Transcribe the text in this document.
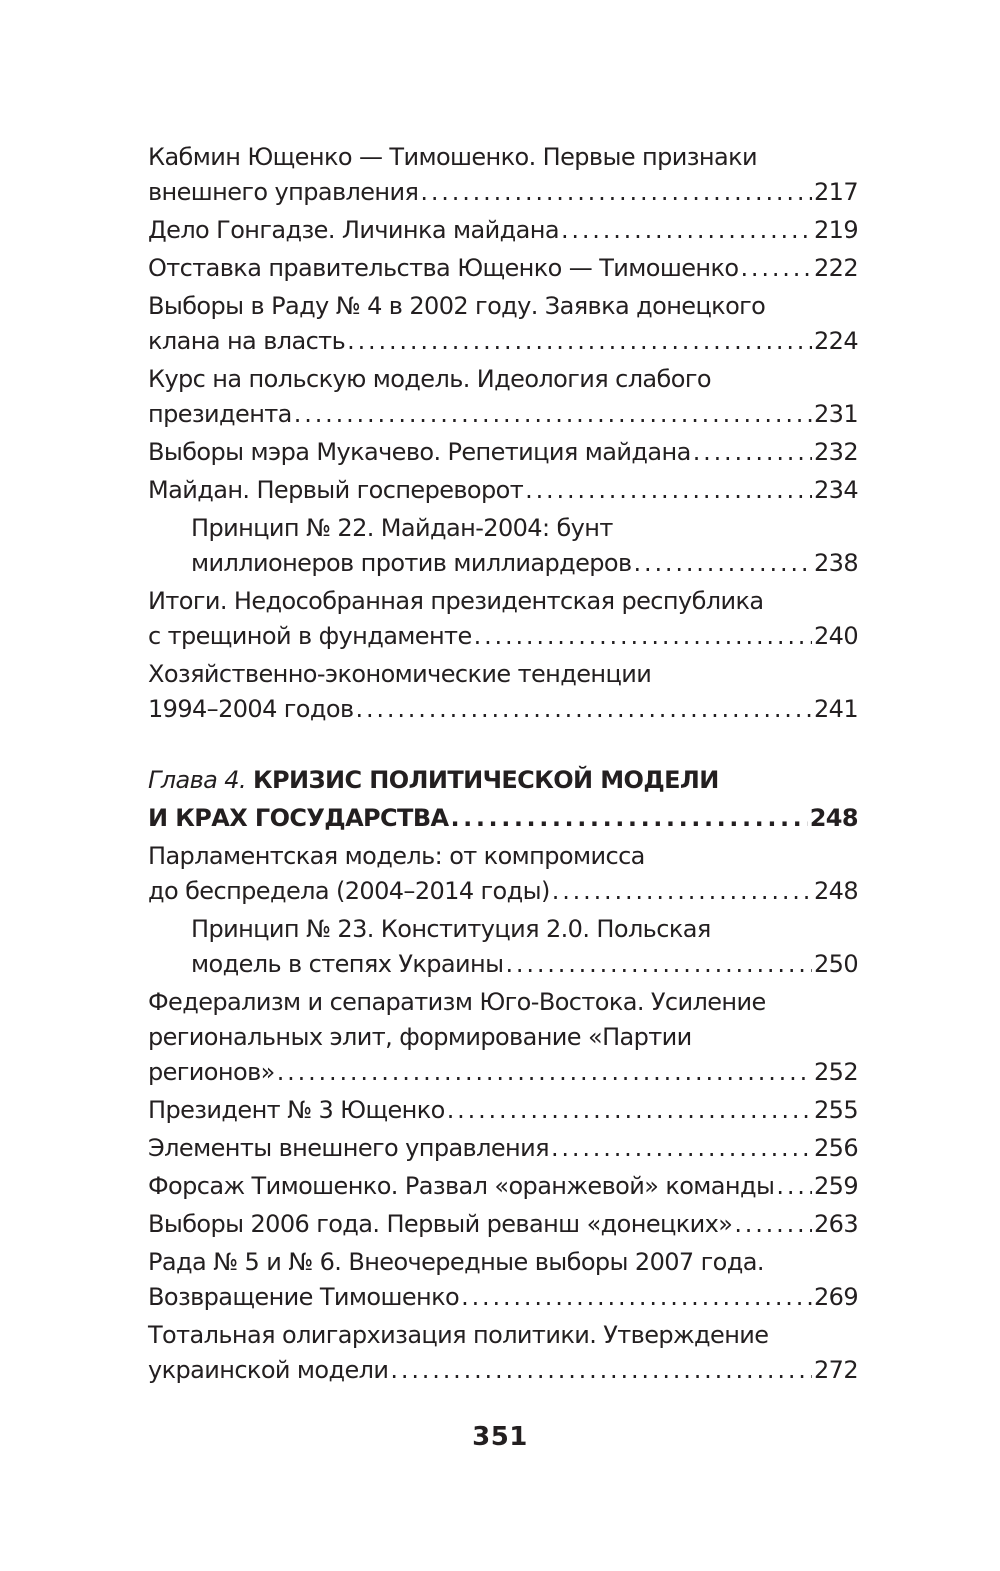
Кабмин Ющенко — Тимошенко. Первые признаки
внешнего управления . . .	217
Дело Гонгадзе. Личинка майдана . . .	219
Отставка правительства Ющенко — Тимошенко . . .	222
Выборы в Раду № 4 в 2002 году. Заявка донецкого
клана на власть . . .	224
Курс на польскую модель. Идеология слабого
президента . . .	231
Выборы мэра Мукачево. Репетиция майдана . . .	232
Майдан. Первый госпереворот . . .	234
Принцип № 22. Майдан-2004: бунт
миллионеров против миллиардеров . . .	238
Итоги. Недособранная президентская республика
с трещиной в фундаменте . . .	240
Хозяйственно-экономические тенденции
1994–2004 годов . . .	241
Глава 4. КРИЗИС ПОЛИТИЧЕСКОЙ МОДЕЛИ
И КРАХ ГОСУДАРСТВА . . .	248
Парламентская модель: от компромисса
до беспредела (2004–2014 годы) . . .	248
Принцип № 23. Конституция 2.0. Польская
модель в степях Украины . . .	250
Федерализм и сепаратизм Юго-Востока. Усиление
региональных элит, формирование «Партии
регионов» . . .	252
Президент № 3 Ющенко . . .	255
Элементы внешнего управления . . .	256
Форсаж Тимошенко. Развал «оранжевой» команды . . . 259
Выборы 2006 года. Первый реванш «донецких» . . .	263
Рада № 5 и № 6. Внеочередные выборы 2007 года.
Возвращение Тимошенко . . .	269
Тотальная олигархизация политики. Утверждение
украинской модели . . .	272
351
